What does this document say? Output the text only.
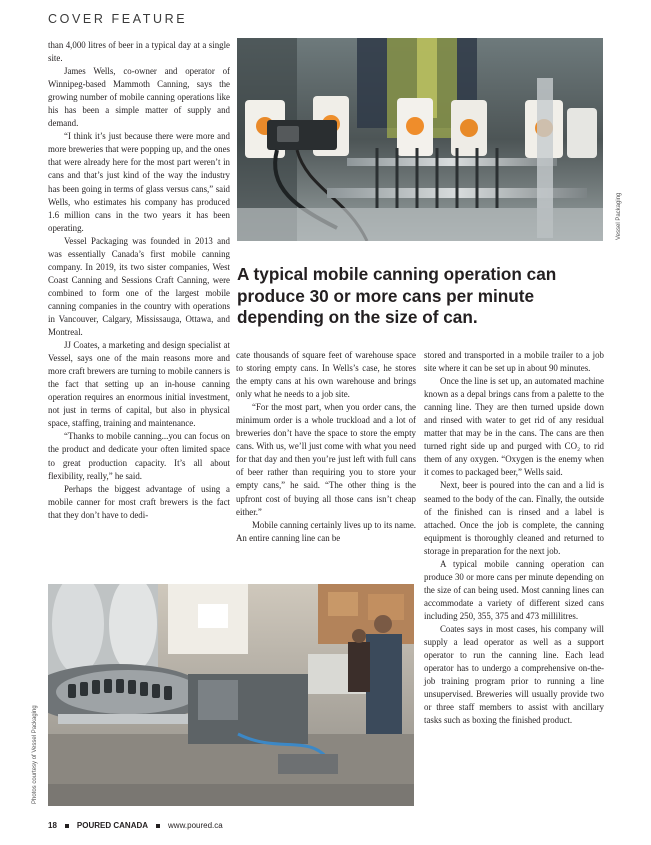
COVER FEATURE

than 4,000 litres of beer in a typical day at a single site.

James Wells, co-owner and operator of Winnipeg-based Mammoth Canning, says the growing number of mobile canning operations like his has been a simple matter of supply and demand.

“I think it’s just because there were more and more breweries that were popping up, and the ones that were already here for the most part weren’t in cans and that’s just kind of the way the industry has been going in terms of glass versus cans,” said Wells, who estimates his company has produced 1.6 million cans in the two years it has been operating.

Vessel Packaging was founded in 2013 and was essentially Canada’s first mobile canning company. In 2019, its two sister companies, West Coast Canning and Sessions Craft Canning, were combined to form one of the largest mobile canning companies in the country with operations in Vancouver, Calgary, Mississauga, Ottawa, and Montreal.

JJ Coates, a marketing and design specialist at Vessel, says one of the main reasons more and more craft brewers are turning to mobile canners is the fact that setting up an in-house canning operation requires an enormous initial investment, not just in terms of capital, but also in physical space, staffing, training and maintenance.

“Thanks to mobile canning...you can focus on the product and dedicate your often limited space to great production capacity. It’s all about flexibility, really,” he said.

Perhaps the biggest advantage of using a mobile canner for most craft brewers is the fact that they don’t have to dedi-

Vessel Packaging
A typical mobile canning operation can produce 30 or more cans per minute depending on the size of can.

cate thousands of square feet of warehouse space to storing empty cans. In Wells’s case, he stores the empty cans at his own warehouse and brings only what he needs to a job site.

“For the most part, when you order cans, the minimum order is a whole truckload and a lot of breweries don’t have the space to store the empty cans. With us, we’ll just come with what you need for that day and then you’re just left with full cans of beer rather than requiring you to store your empty cans,” he said. “The other thing is the upfront cost of buying all those cans isn’t cheap either.”

Mobile canning certainly lives up to its name. An entire canning line can be

stored and transported in a mobile trailer to a job site where it can be set up in about 90 minutes.

Once the line is set up, an automated machine known as a depal brings cans from a palette to the canning line. They are then turned upside down and rinsed with water to get rid of any residual matter that may be in the cans. The cans are then turned right side up and purged with CO₂ to rid them of any oxygen. “Oxygen is the enemy when it comes to packaged beer,” Wells said.

Next, beer is poured into the can and a lid is seamed to the body of the can. Finally, the outside of the finished can is rinsed and a label is attached. Once the job is complete, the canning equipment is thoroughly cleaned and returned to storage in preparation for the next job.

A typical mobile canning operation can produce 30 or more cans per minute depending on the size of can being used. Most canning lines can accommodate a variety of different sized cans including 250, 355, 375 and 473 millilitres.

Coates says in most cases, his company will supply a lead operator as well as a support operator to run the canning line. Each lead operator has to undergo a comprehensive on-the-job training program prior to running a line unsupervised. Breweries will usually provide two or three staff members to assist with ancillary tasks such as boxing the finished product.

Photos courtesy of Vessel Packaging
18	POURED CANADA	www.poured.ca
